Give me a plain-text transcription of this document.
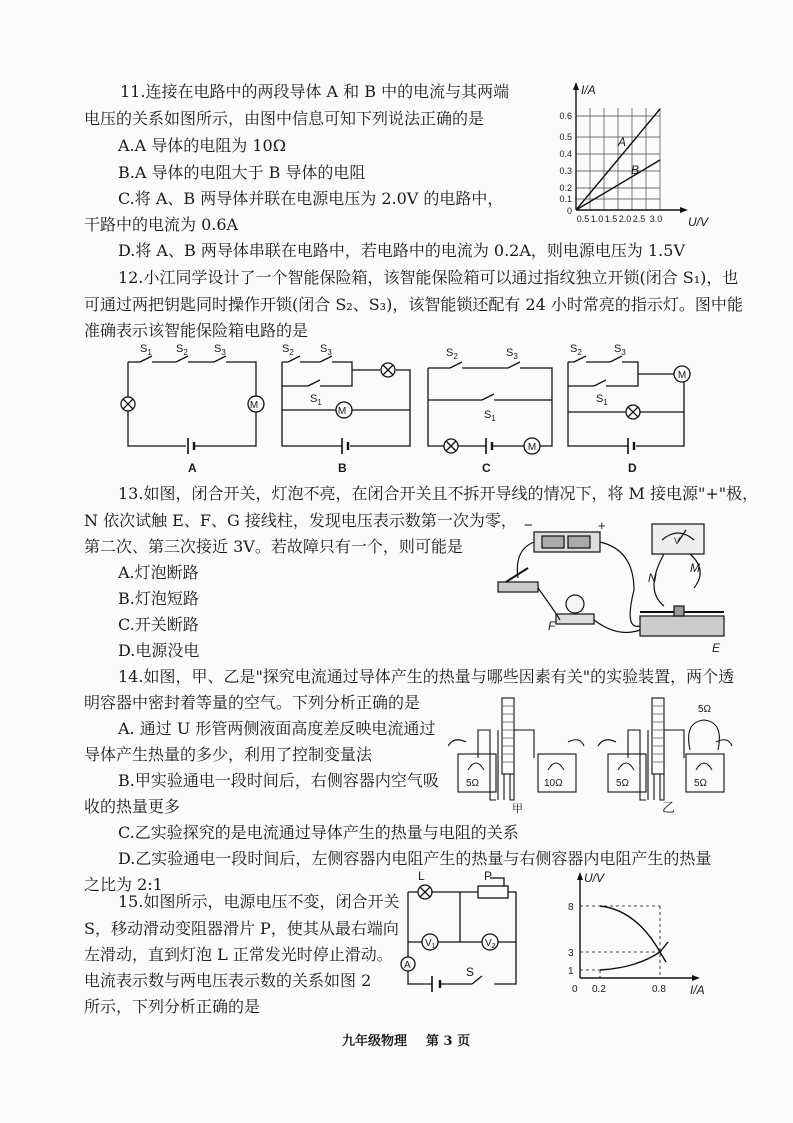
11.连接在电路中的两段导体 A 和 B 中的电流与其两端
电压的关系如图所示，由图中信息可知下列说法正确的是
A.A 导体的电阻为 10Ω
B.A 导体的电阻大于 B 导体的电阻
C.将 A、B 两导体并联在电源电压为 2.0V 的电路中，
干路中的电流为 0.6A
D.将 A、B 两导体串联在电路中，若电路中的电流为 0.2A，则电源电压为 1.5V
A
B
I/A
U/V
0.6
0.5
0.4
0.3
0.2
0.1
0
0.5 1.0 1.5 2.0 2.5 3.0
12.小江同学设计了一个智能保险箱，该智能保险箱可以通过指纹独立开锁(闭合 S₁)，也
可通过两把钥匙同时操作开锁(闭合 S₂、S₃)，该智能锁还配有 24 小时常亮的指示灯。图中能
准确表示该智能保险箱电路的是
M
$S_1$ $S_2$ $S_3$
A
M
$S_2$ $S_3$
$S_1$
B
M
$S_2$	$S_3$
$S_1$
C
M
$S_2$	$S_3$
$S_1$
D
13.如图，闭合开关，灯泡不亮，在闭合开关且不拆开导线的情况下，将 M 接电源"+"极，
N 依次试触 E、F、G 接线柱，发现电压表示数第一次为零，
第二次、第三次接近 3V。若故障只有一个，则可能是
A.灯泡断路
B.灯泡短路
C.开关断路
D.电源没电
−	+
V
N
M
F
E
14.如图，甲、乙是"探究电流通过导体产生的热量与哪些因素有关"的实验装置，两个透
明容器中密封着等量的空气。下列分析正确的是
A. 通过 U 形管两侧液面高度差反映电流通过
导体产生热量的多少，利用了控制变量法
B.甲实验通电一段时间后，右侧容器内空气吸
收的热量更多
C.乙实验探究的是电流通过导体产生的热量与电阻的关系
D.乙实验通电一段时间后，左侧容器内电阻产生的热量与右侧容器内电阻产生的热量
之比为 2:1
5Ω	10Ω	5Ω	5Ω
5Ω
甲	乙
15.如图所示，电源电压不变，闭合开关
S，移动滑动变阻器滑片 P，使其从最右端向
左滑动，直到灯泡 L 正常发光时停止滑动。
电流表示数与两电压表示数的关系如图 2
所示，下列分析正确的是
L	P
S
$V_1$	$V_2$
A
U/V
I/A
8
3
1
0 0.2	0.8
九年级物理 第 3 页
